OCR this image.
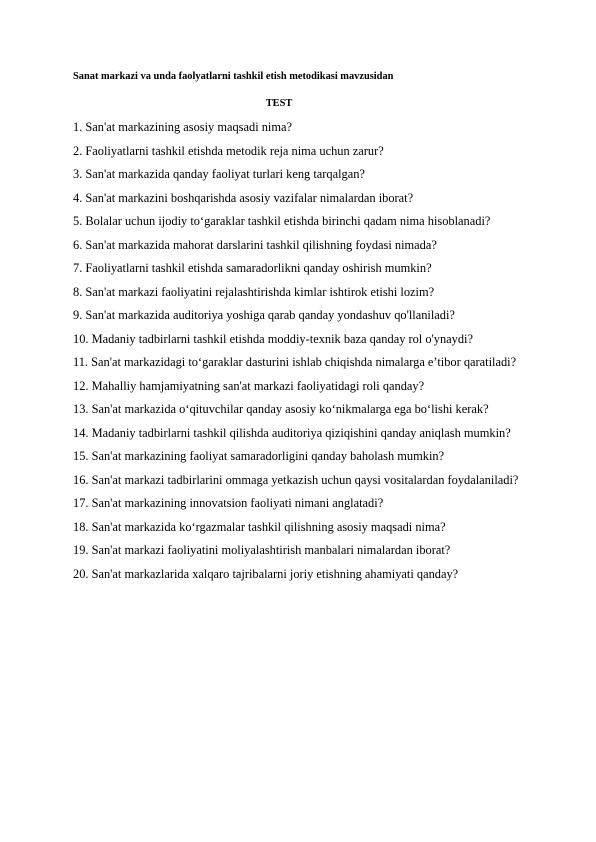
Sanat markazi va unda faolyatlarni tashkil etish metodikasi mavzusidan
TEST
1. San'at markazining asosiy maqsadi nima?
2. Faoliyatlarni tashkil etishda metodik reja nima uchun zarur?
3. San'at markazida qanday faoliyat turlari keng tarqalgan?
4. San'at markazini boshqarishda asosiy vazifalar nimalardan iborat?
5. Bolalar uchun ijodiy to‘garaklar tashkil etishda birinchi qadam nima hisoblanadi?
6. San'at markazida mahorat darslarini tashkil qilishning foydasi nimada?
7. Faoliyatlarni tashkil etishda samaradorlikni qanday oshirish mumkin?
8. San'at markazi faoliyatini rejalashtirishda kimlar ishtirok etishi lozim?
9. San'at markazida auditoriya yoshiga qarab qanday yondashuv qo'llaniladi?
10. Madaniy tadbirlarni tashkil etishda moddiy-texnik baza qanday rol o'ynaydi?
11. San'at markazidagi to‘garaklar dasturini ishlab chiqishda nimalarga e’tibor qaratiladi?
12. Mahalliy hamjamiyatning san'at markazi faoliyatidagi roli qanday?
13. San'at markazida o‘qituvchilar qanday asosiy ko‘nikmalarga ega bo‘lishi kerak?
14. Madaniy tadbirlarni tashkil qilishda auditoriya qiziqishini qanday aniqlash mumkin?
15. San'at markazining faoliyat samaradorligini qanday baholash mumkin?
16. San'at markazi tadbirlarini ommaga yetkazish uchun qaysi vositalardan foydalaniladi?
17. San'at markazining innovatsion faoliyati nimani anglatadi?
18. San'at markazida ko‘rgazmalar tashkil qilishning asosiy maqsadi nima?
19. San'at markazi faoliyatini moliyalashtirish manbalari nimalardan iborat?
20. San'at markazlarida xalqaro tajribalarni joriy etishning ahamiyati qanday?
